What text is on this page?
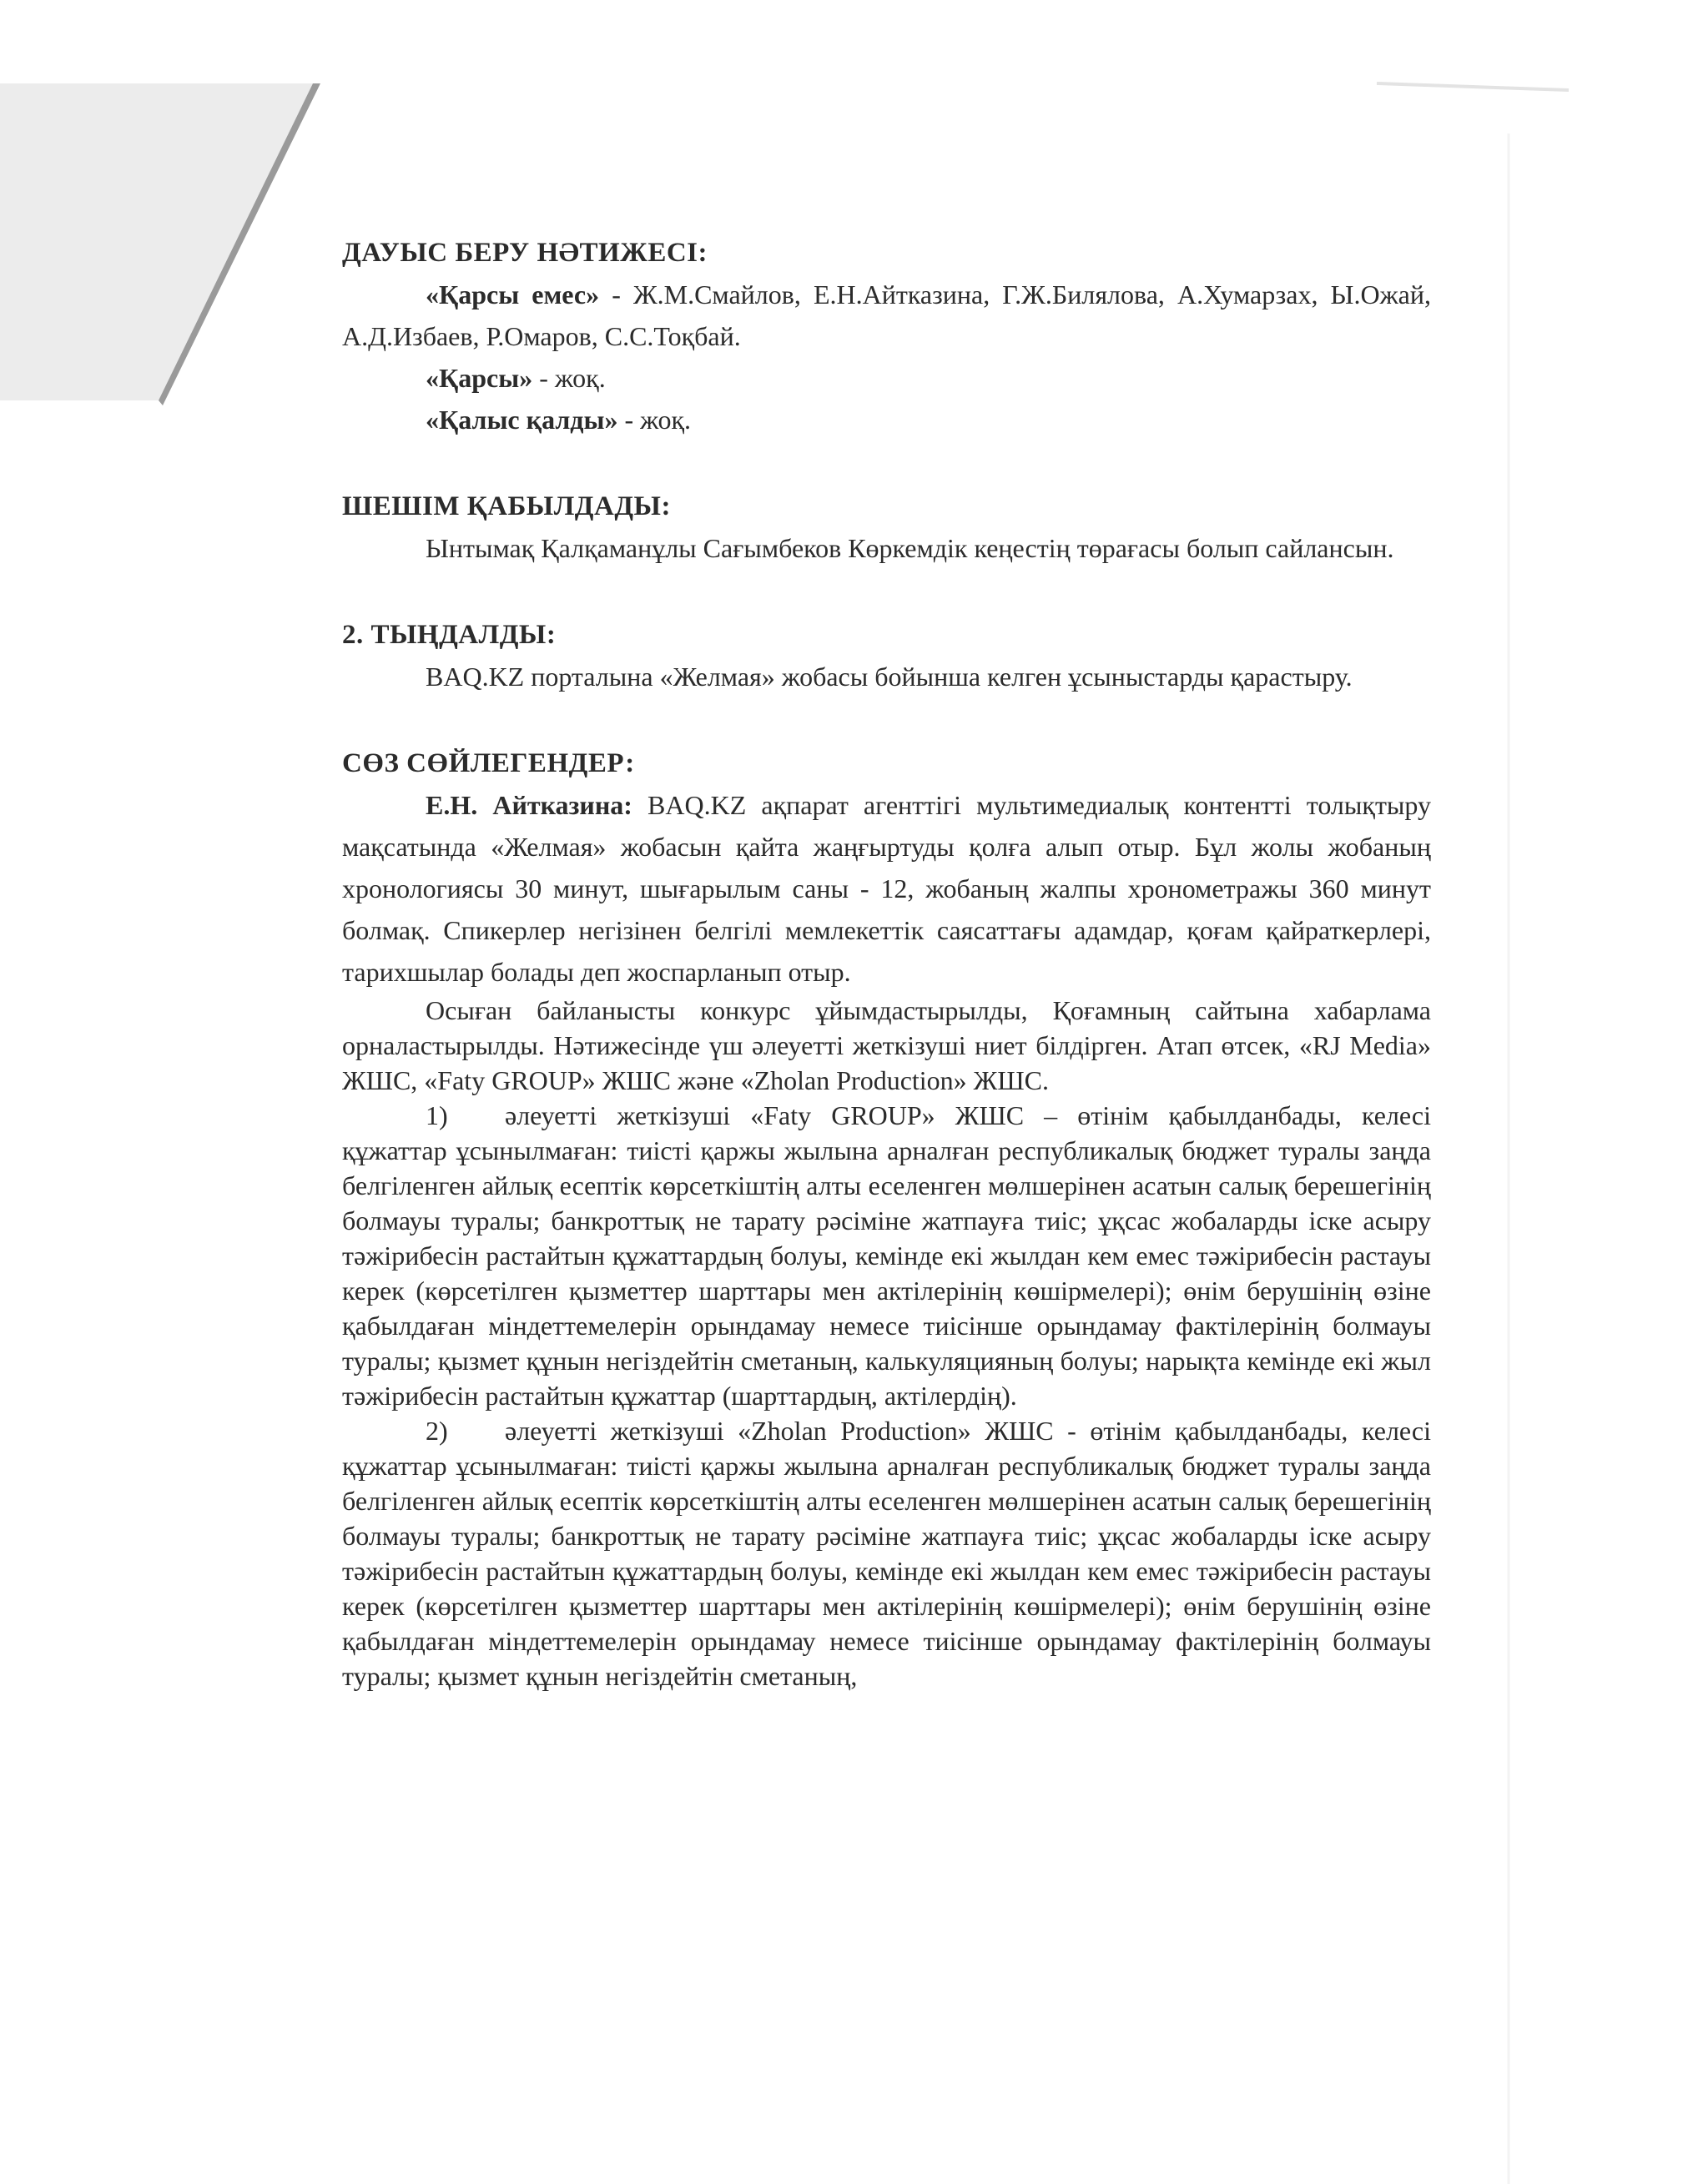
ДАУЫС БЕРУ НӘТИЖЕСІ:

«Қарсы емес» - Ж.М.Смайлов, Е.Н.Айтказина, Г.Ж.Билялова, А.Хумарзах, Ы.Ожай, А.Д.Избаев, Р.Омаров, С.С.Тоқбай.

«Қарсы» - жоқ.

«Қалыс қалды» - жоқ.

ШЕШІМ ҚАБЫЛДАДЫ:

Ынтымақ Қалқаманұлы Сағымбеков Көркемдік кеңестің төрағасы болып сайлансын.

2. ТЫҢДАЛДЫ:

BAQ.KZ порталына «Желмая» жобасы бойынша келген ұсыныстарды қарастыру.

СӨЗ СӨЙЛЕГЕНДЕР:

Е.Н. Айтказина: BAQ.KZ ақпарат агенттігі мультимедиалық контентті толықтыру мақсатында «Желмая» жобасын қайта жаңғыртуды қолға алып отыр. Бұл жолы жобаның хронологиясы 30 минут, шығарылым саны - 12, жобаның жалпы хронометражы 360 минут болмақ. Спикерлер негізінен белгілі мемлекеттік саясаттағы адамдар, қоғам қайраткерлері, тарихшылар болады деп жоспарланып отыр.

Осыған байланысты конкурс ұйымдастырылды, Қоғамның сайтына хабарлама орналастырылды. Нәтижесінде үш әлеуетті жеткізуші ниет білдірген. Атап өтсек, «RJ Media» ЖШС, «Faty GROUP» ЖШС және «Zholan Production» ЖШС.

1) әлеуетті жеткізуші «Faty GROUP» ЖШС – өтінім қабылданбады, келесі құжаттар ұсынылмаған: тиісті қаржы жылына арналған республикалық бюджет туралы заңда белгіленген айлық есептік көрсеткіштің алты еселенген мөлшерінен асатын салық берешегінің болмауы туралы; банкроттық не тарату рәсіміне жатпауға тиіс; ұқсас жобаларды іске асыру тәжірибесін растайтын құжаттардың болуы, кемінде екі жылдан кем емес тәжірибесін растауы керек (көрсетілген қызметтер шарттары мен актілерінің көшірмелері); өнім берушінің өзіне қабылдаған міндеттемелерін орындамау немесе тиісінше орындамау фактілерінің болмауы туралы; қызмет құнын негіздейтін сметаның, калькуляцияның болуы; нарықта кемінде екі жыл тәжірибесін растайтын құжаттар (шарттардың, актілердің).

2) әлеуетті жеткізуші «Zholan Production» ЖШС - өтінім қабылданбады, келесі құжаттар ұсынылмаған: тиісті қаржы жылына арналған республикалық бюджет туралы заңда белгіленген айлық есептік көрсеткіштің алты еселенген мөлшерінен асатын салық берешегінің болмауы туралы; банкроттық не тарату рәсіміне жатпауға тиіс; ұқсас жобаларды іске асыру тәжірибесін растайтын құжаттардың болуы, кемінде екі жылдан кем емес тәжірибесін растауы керек (көрсетілген қызметтер шарттары мен актілерінің көшірмелері); өнім берушінің өзіне қабылдаған міндеттемелерін орындамау немесе тиісінше орындамау фактілерінің болмауы туралы; қызмет құнын негіздейтін сметаның,
